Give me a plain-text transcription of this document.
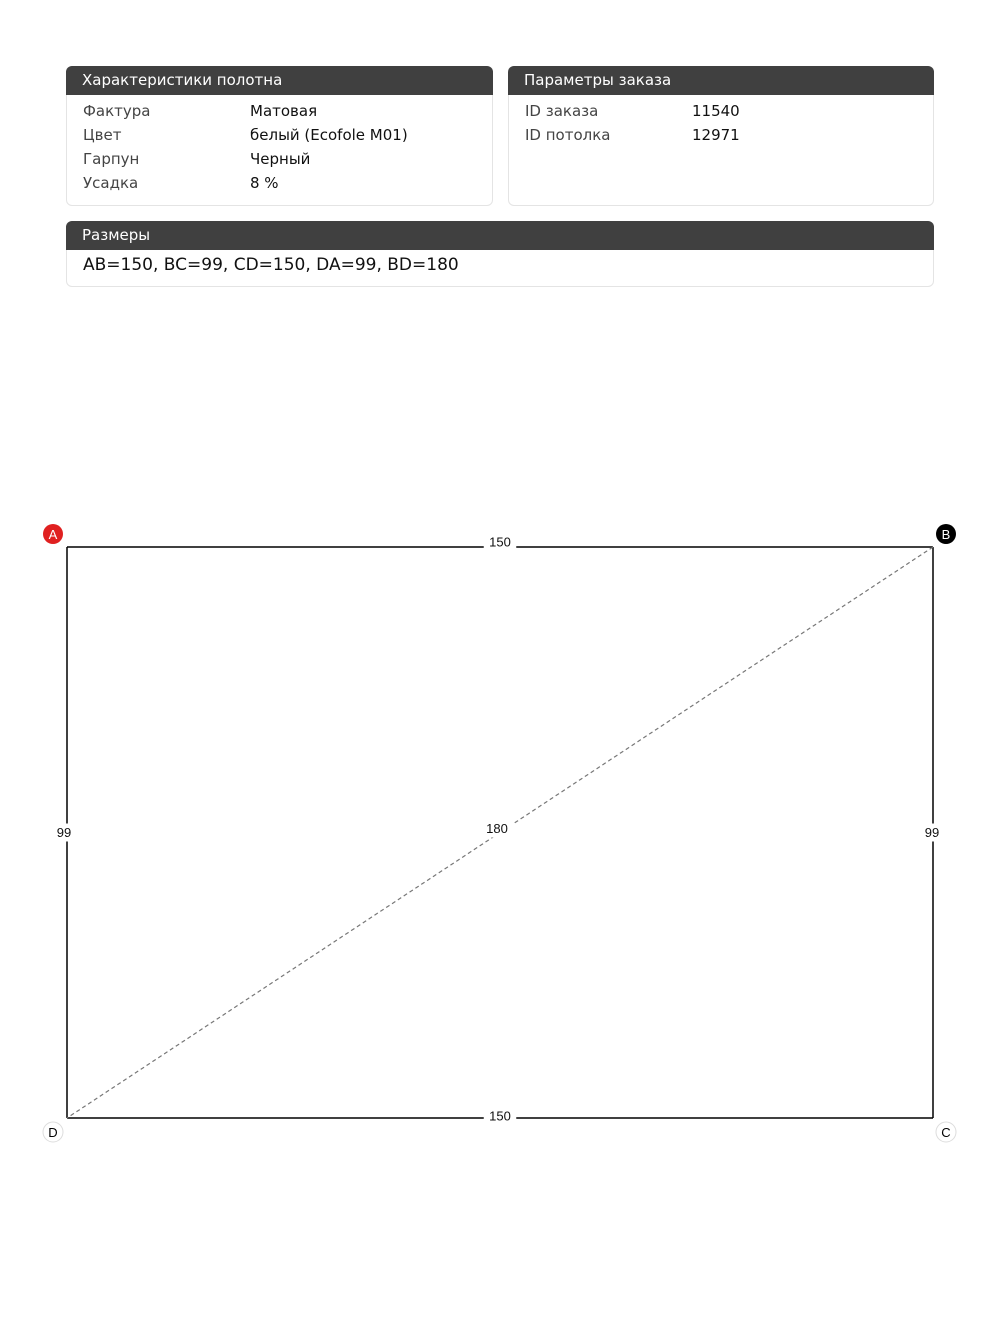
Характеристики полотна
Фактура	Матовая
Цвет	белый (Ecofole M01)
Гарпун	Черный
Усадка	8 %
Параметры заказа
ID заказа	11540
ID потолка	12971
Размеры
AB=150, BC=99, CD=150, DA=99, BD=180
150
99
150
99	180
A	B
C
D
